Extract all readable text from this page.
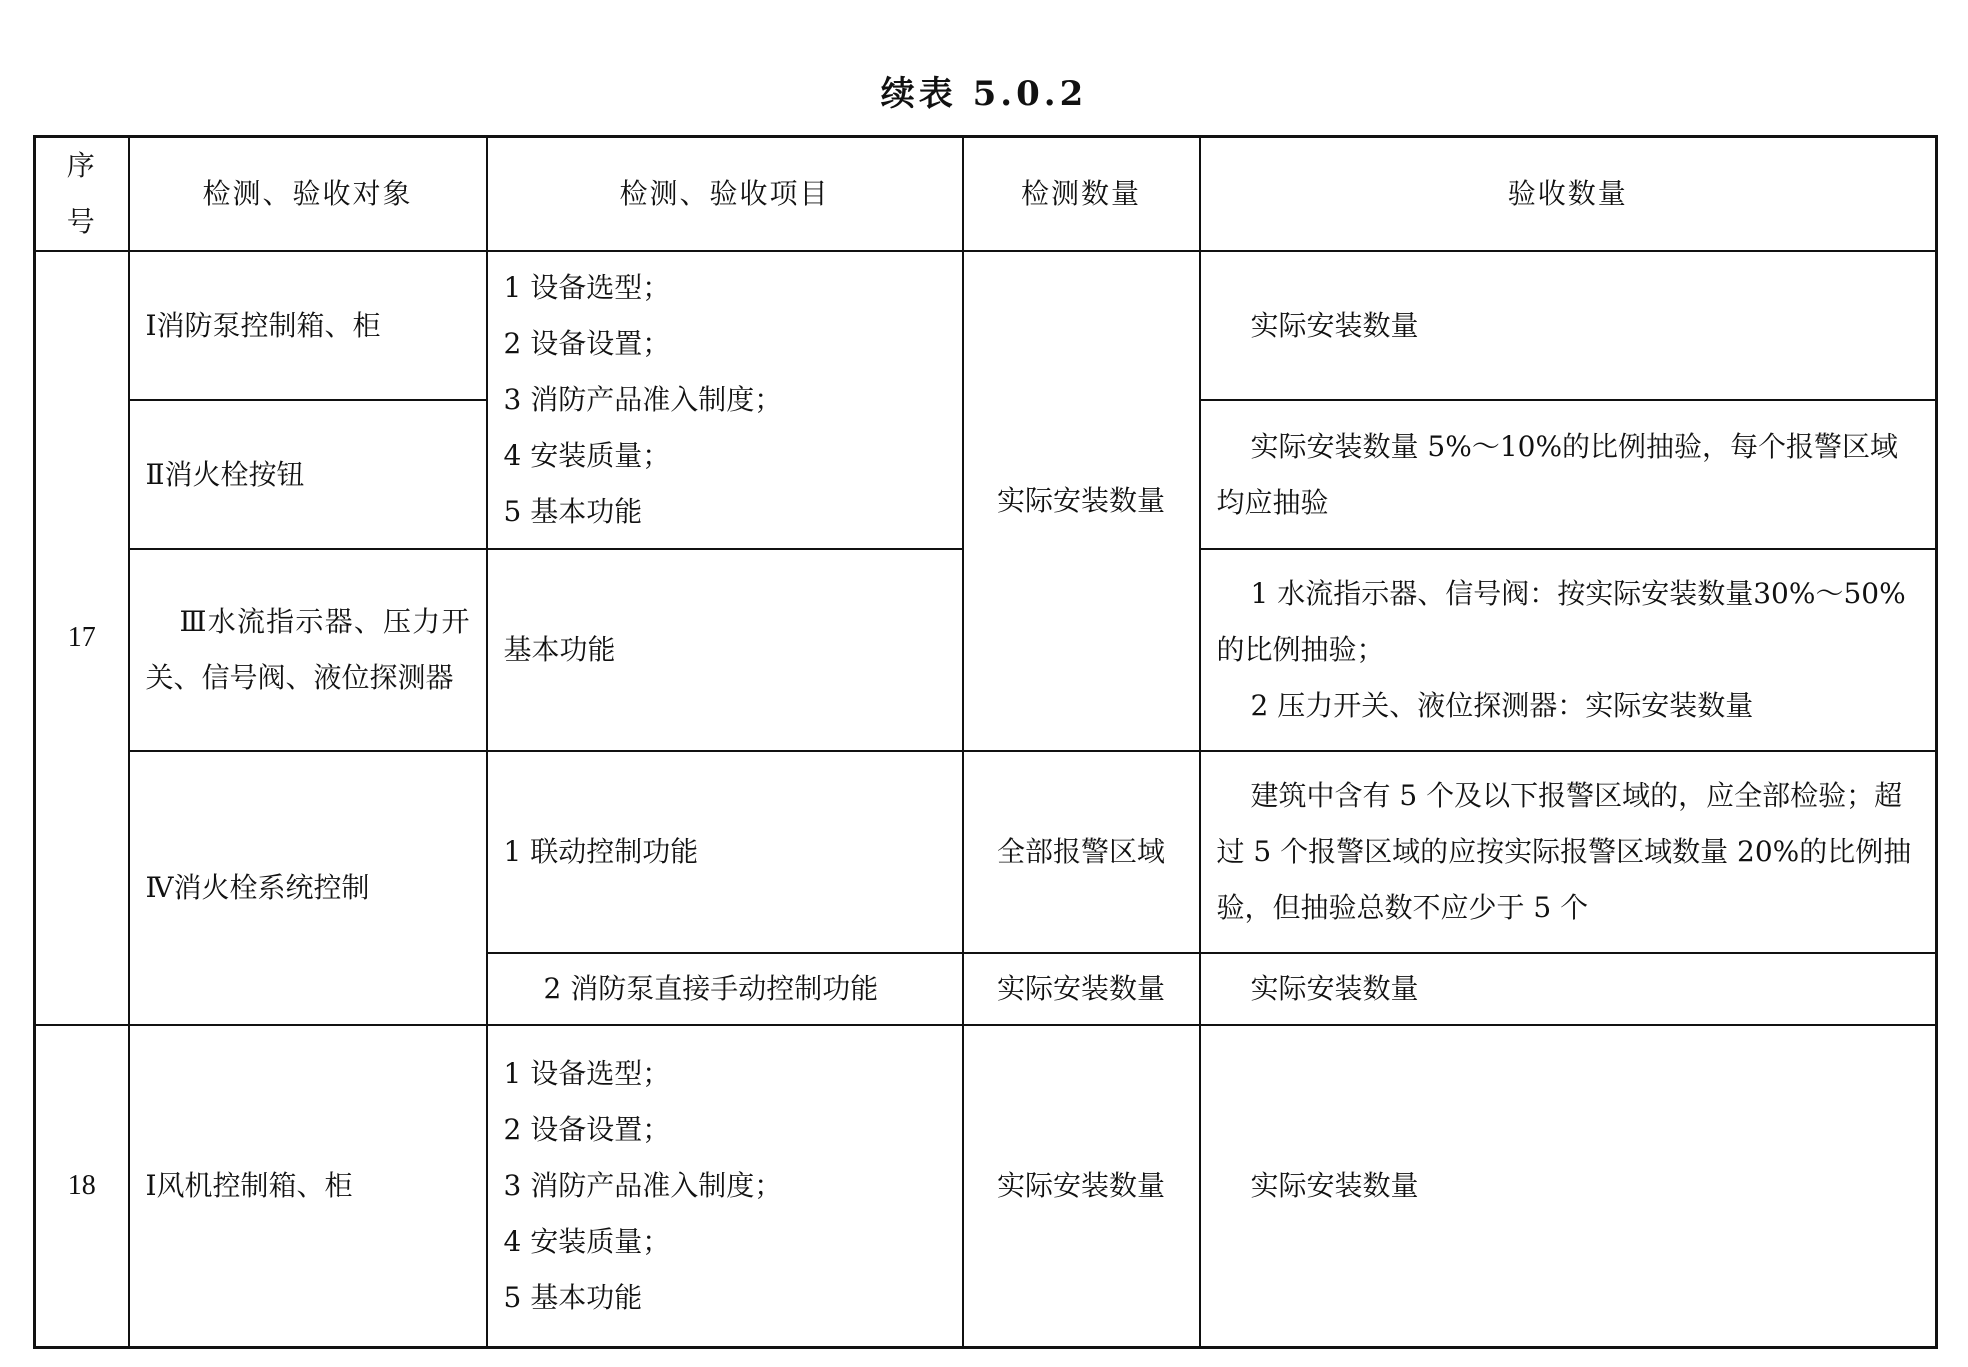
续表 5.0.2
序号	检测、验收对象	检测、验收项目	检测数量	验收数量
17	Ⅰ消防泵控制箱、柜	1 设备选型；
2 设备设置；
3 消防产品准入制度；
4 安装质量；
5 基本功能	实际安装数量	实际安装数量

	Ⅱ消火栓按钮			实际安装数量 5%～10%的比例抽验，每个报警区域均应抽验

	Ⅲ水流指示器、压力开关、信号阀、液位探测器	基本功能		1 水流指示器、信号阀：按实际安装数量30%～50%的比例抽验；
2 压力开关、液位探测器：实际安装数量

	Ⅳ消火栓系统控制	1 联动控制功能	全部报警区域	建筑中含有 5 个及以下报警区域的，应全部检验；超过 5 个报警区域的应按实际报警区域数量 20%的比例抽验，但抽验总数不应少于 5 个

		2 消防泵直接手动控制功能	实际安装数量	实际安装数量

18	Ⅰ风机控制箱、柜	1 设备选型；
2 设备设置；
3 消防产品准入制度；
4 安装质量；
5 基本功能	实际安装数量	实际安装数量
